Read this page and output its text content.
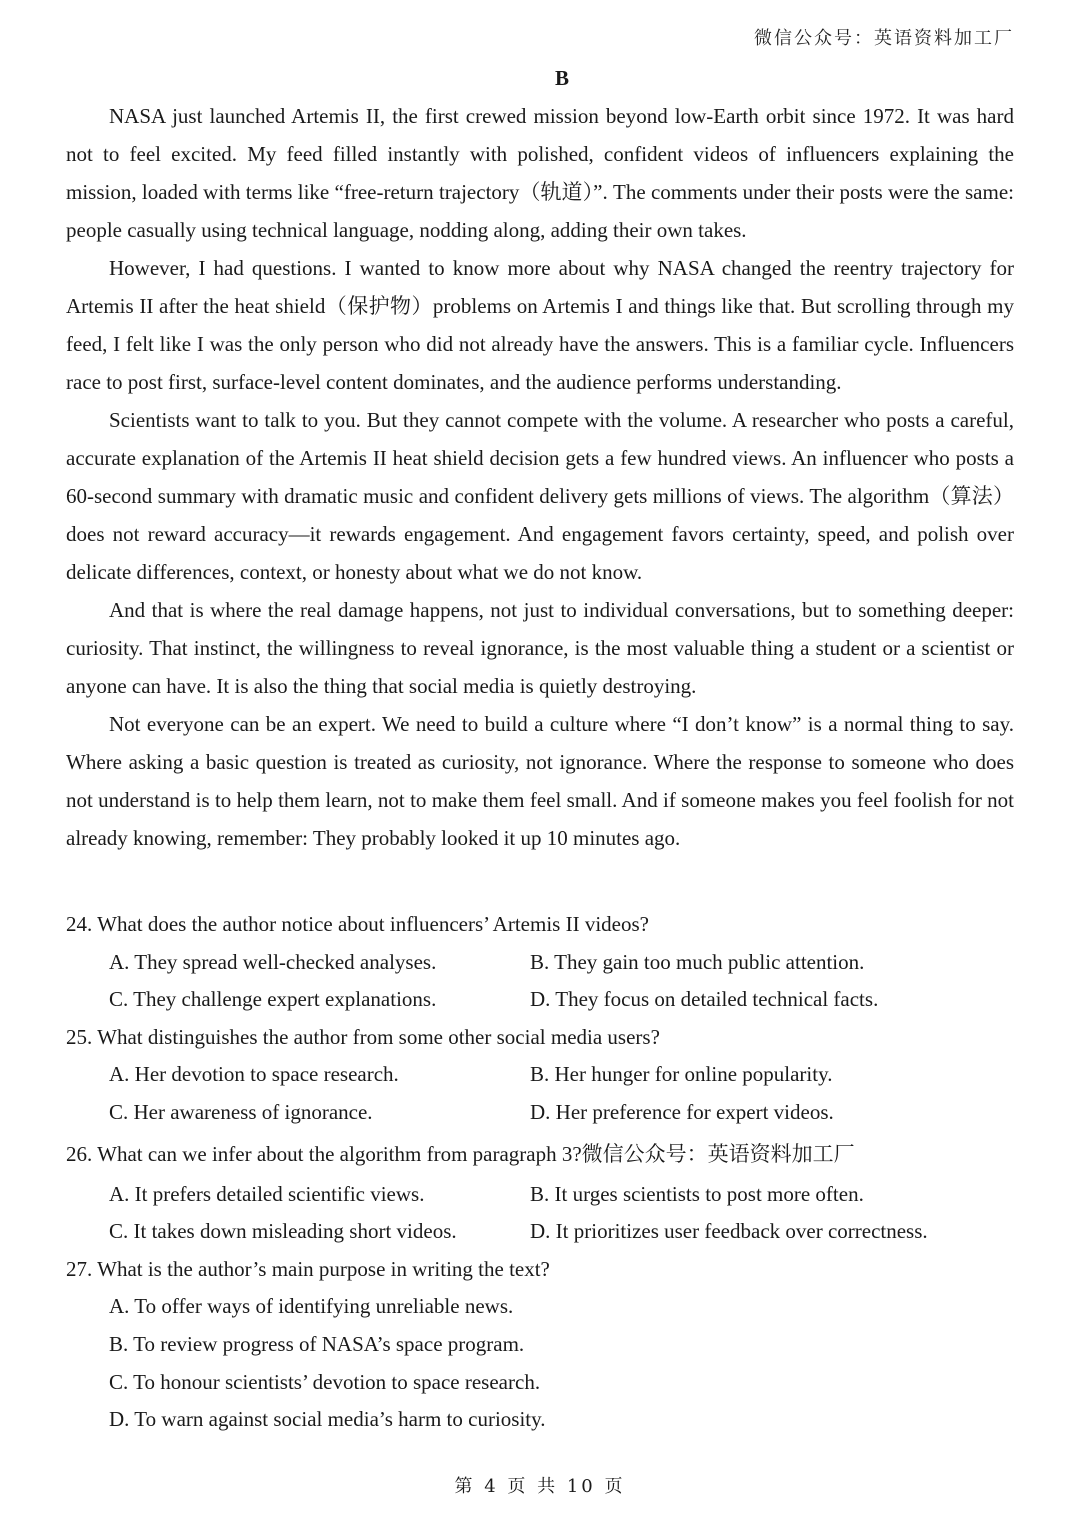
微信公众号：英语资料加工厂
B

NASA just launched Artemis II, the first crewed mission beyond low-Earth orbit since 1972. It was hard not to feel excited. My feed filled instantly with polished, confident videos of influencers explaining the mission, loaded with terms like “free-return trajectory（轨道）”. The comments under their posts were the same: people casually using technical language, nodding along, adding their own takes.

However, I had questions. I wanted to know more about why NASA changed the reentry trajectory for Artemis II after the heat shield（保护物）problems on Artemis I and things like that. But scrolling through my feed, I felt like I was the only person who did not already have the answers. This is a familiar cycle. Influencers race to post first, surface-level content dominates, and the audience performs understanding.

Scientists want to talk to you. But they cannot compete with the volume. A researcher who posts a careful, accurate explanation of the Artemis II heat shield decision gets a few hundred views. An influencer who posts a 60-second summary with dramatic music and confident delivery gets millions of views. The algorithm（算法）does not reward accuracy—it rewards engagement. And engagement favors certainty, speed, and polish over delicate differences, context, or honesty about what we do not know.

And that is where the real damage happens, not just to individual conversations, but to something deeper: curiosity. That instinct, the willingness to reveal ignorance, is the most valuable thing a student or a scientist or anyone can have. It is also the thing that social media is quietly destroying.

Not everyone can be an expert. We need to build a culture where “I don’t know” is a normal thing to say. Where asking a basic question is treated as curiosity, not ignorance. Where the response to someone who does not understand is to help them learn, not to make them feel small. And if someone makes you feel foolish for not already knowing, remember: They probably looked it up 10 minutes ago.

24. What does the author notice about influencers’ Artemis II videos?

A. They spread well-checked analyses.	B. They gain too much public attention.
C. They challenge expert explanations.	D. They focus on detailed technical facts.

25. What distinguishes the author from some other social media users?

A. Her devotion to space research.	B. Her hunger for online popularity.
C. Her awareness of ignorance.	D. Her preference for expert videos.

26. What can we infer about the algorithm from paragraph 3?微信公众号：英语资料加工厂

A. It prefers detailed scientific views.	B. It urges scientists to post more often.
C. It takes down misleading short videos.	D. It prioritizes user feedback over correctness.

27. What is the author’s main purpose in writing the text?

A. To offer ways of identifying unreliable news.

B. To review progress of NASA’s space program.

C. To honour scientists’ devotion to space research.

D. To warn against social media’s harm to curiosity.

第 4 页 共 10 页
